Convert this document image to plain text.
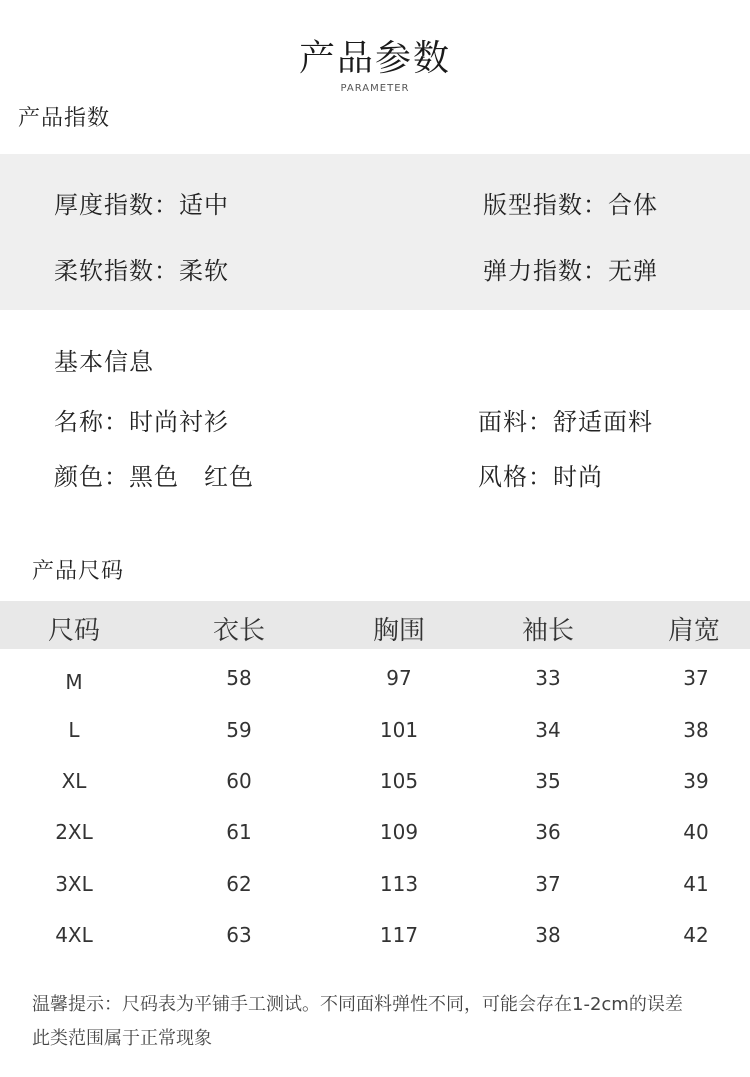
产品参数
PARAMETER
产品指数
厚度指数：适中	版型指数：合体
柔软指数：柔软	弹力指数：无弹
基本信息
名称：时尚衬衫	面料：舒适面料
颜色：黑色　红色	风格：时尚
产品尺码
尺码	衣长	胸围	袖长	肩宽
M	58	97	33	37
L	59	101	34	38
XL	60	105	35	39
2XL	61	109	36	40
3XL	62	113	37	41
4XL	63	117	38	42
温馨提示：尺码表为平铺手工测试。不同面料弹性不同，可能会存在1-2cm的误差
此类范围属于正常现象
